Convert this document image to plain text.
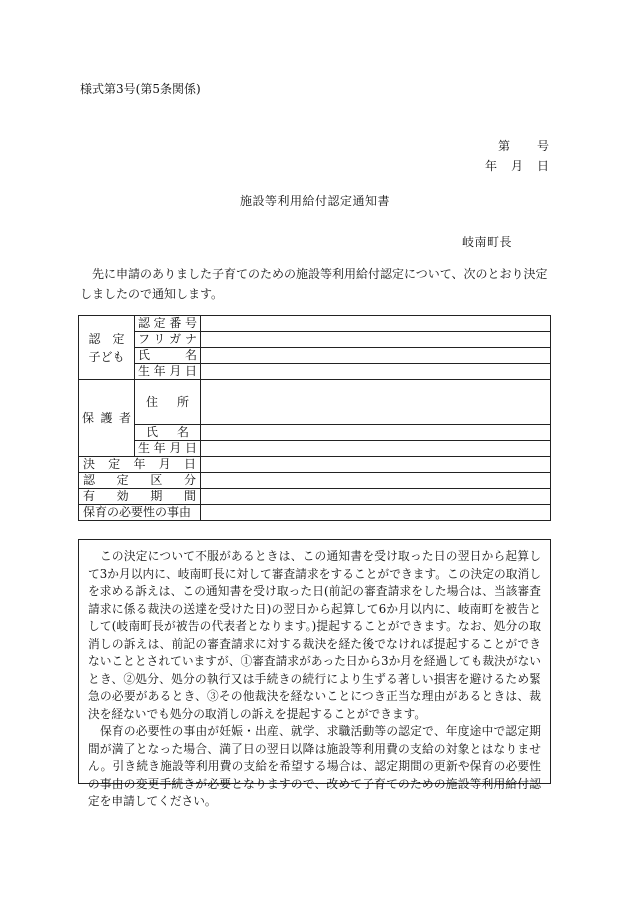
様式第3号(第5条関係)
第　　号
年　月　日
施設等利用給付認定通知書
岐南町長
先に申請のありました子育てのための施設等利用給付認定について、次のとおり決定しましたので通知します。
認　定 子ども	認定番号	

	フリガナ	

	氏名	

	生年月日	

保護者	住所	

	氏名	

	生年月日	

決定年月日		

認定区分		

有効期間		

保育の必要性の事由		

この決定について不服があるときは、この通知書を受け取った日の翌日から起算して3か月以内に、岐南町長に対して審査請求をすることができます。この決定の取消しを求める訴えは、この通知書を受け取った日(前記の審査請求をした場合は、当該審査請求に係る裁決の送達を受けた日)の翌日から起算して6か月以内に、岐南町を被告として(岐南町長が被告の代表者となります。)提起することができます。なお、処分の取消しの訴えは、前記の審査請求に対する裁決を経た後でなければ提起することができないこととされていますが、①審査請求があった日から3か月を経過しても裁決がないとき、②処分、処分の執行又は手続きの続行により生ずる著しい損害を避けるため緊急の必要があるとき、③その他裁決を経ないことにつき正当な理由があるときは、裁決を経ないでも処分の取消しの訴えを提起することができます。

保育の必要性の事由が妊娠・出産、就学、求職活動等の認定で、年度途中で認定期間が満了となった場合、満了日の翌日以降は施設等利用費の支給の対象とはなりません。引き続き施設等利用費の支給を希望する場合は、認定期間の更新や保育の必要性の事由の変更手続きが必要となりますので、改めて子育てのための施設等利用給付認定を申請してください。
